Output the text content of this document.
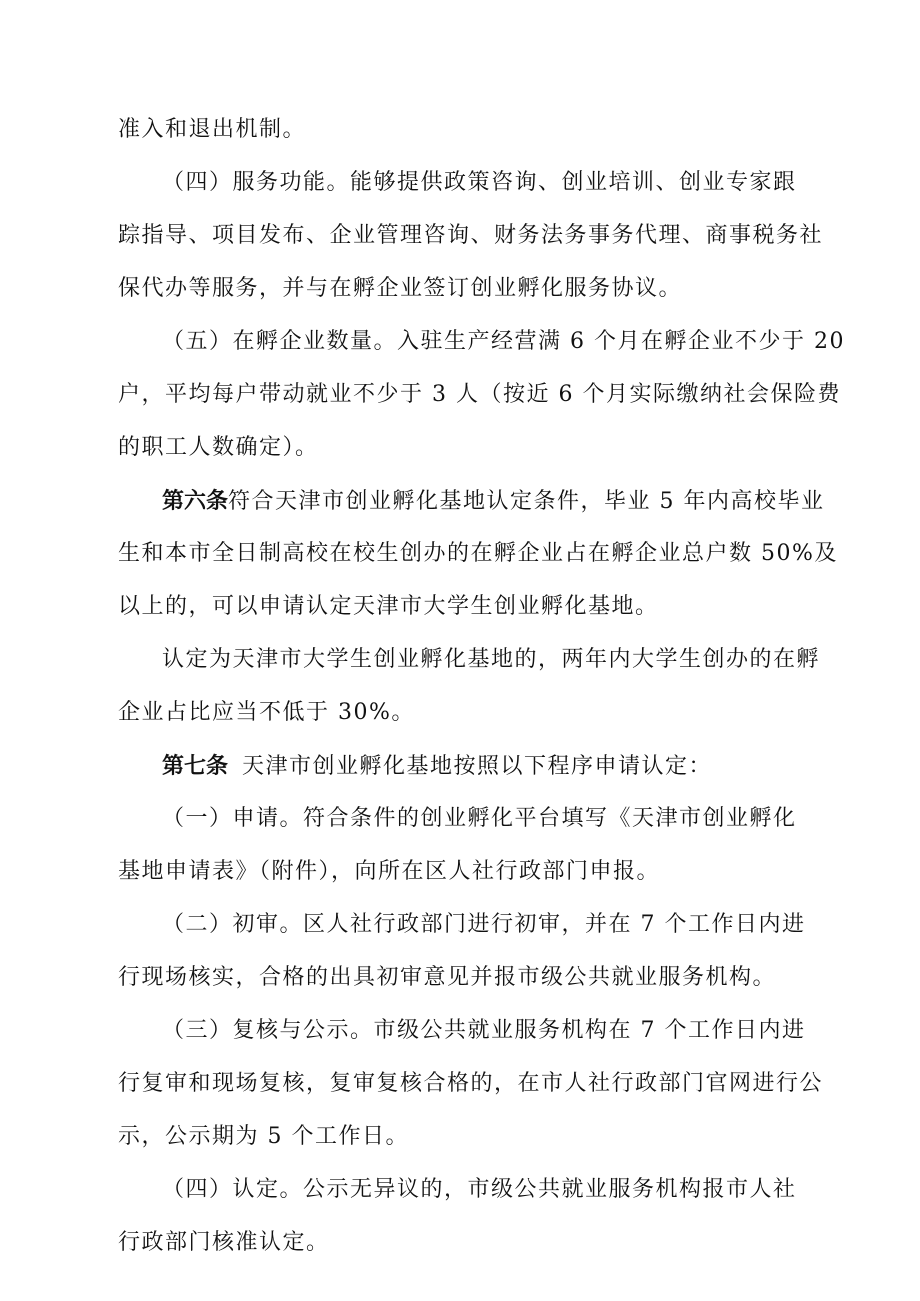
准入和退出机制。
（四）服务功能。能够提供政策咨询、创业培训、创业专家跟
踪指导、项目发布、企业管理咨询、财务法务事务代理、商事税务社
保代办等服务，并与在孵企业签订创业孵化服务协议。
（五）在孵企业数量。入驻生产经营满 6 个月在孵企业不少于 20
户，平均每户带动就业不少于 3 人（按近 6 个月实际缴纳社会保险费
的职工人数确定）。
第六条符合天津市创业孵化基地认定条件，毕业 5 年内高校毕业
生和本市全日制高校在校生创办的在孵企业占在孵企业总户数 50%及
以上的，可以申请认定天津市大学生创业孵化基地。
认定为天津市大学生创业孵化基地的，两年内大学生创办的在孵
企业占比应当不低于 30%。
第七条 天津市创业孵化基地按照以下程序申请认定：
（一）申请。符合条件的创业孵化平台填写《天津市创业孵化
基地申请表》（附件），向所在区人社行政部门申报。
（二）初审。区人社行政部门进行初审，并在 7 个工作日内进
行现场核实，合格的出具初审意见并报市级公共就业服务机构。
（三）复核与公示。市级公共就业服务机构在 7 个工作日内进
行复审和现场复核，复审复核合格的，在市人社行政部门官网进行公
示，公示期为 5 个工作日。
（四）认定。公示无异议的，市级公共就业服务机构报市人社
行政部门核准认定。
